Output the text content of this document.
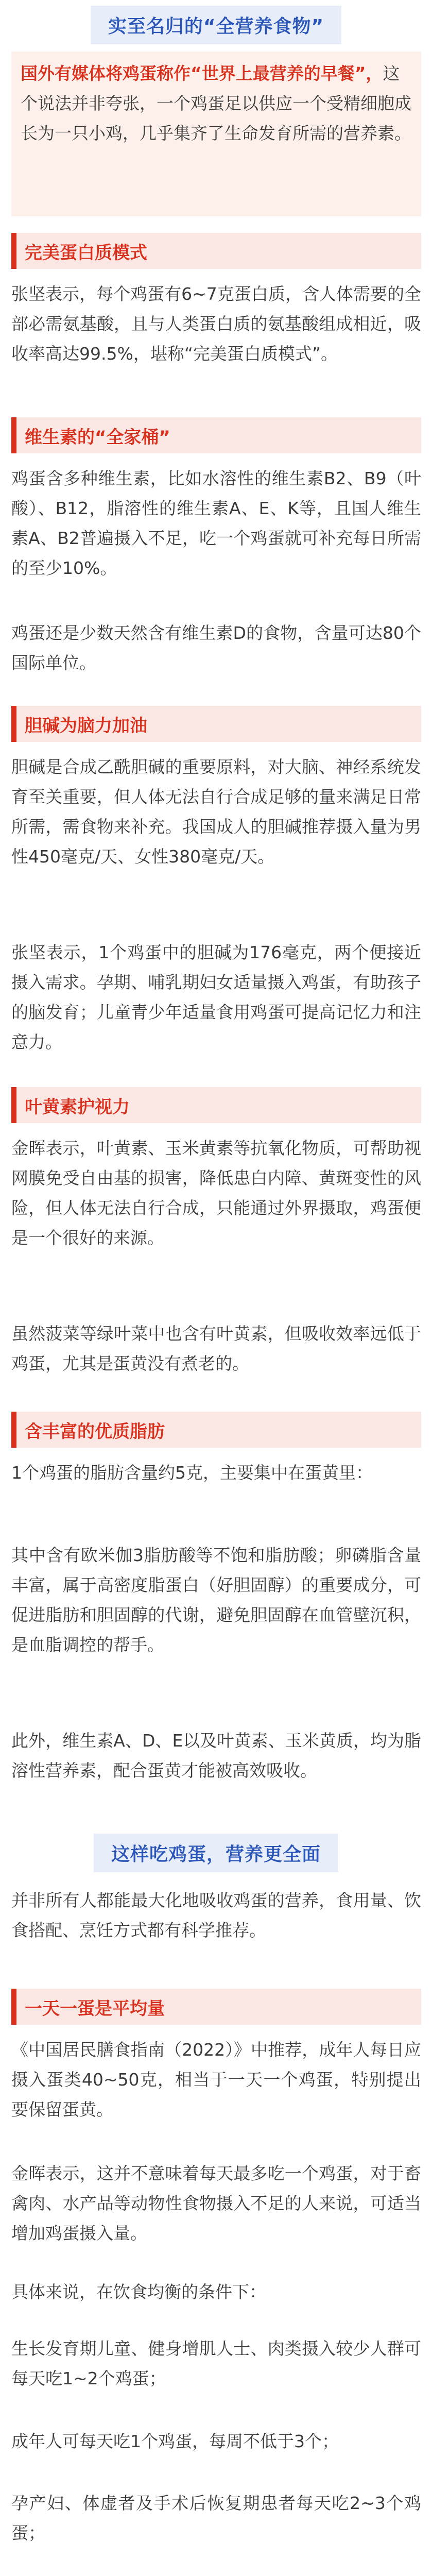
实至名归的“全营养食物”
国外有媒体将鸡蛋称作“世界上最营养的早餐”，这个说法并非夸张，一个鸡蛋足以供应一个受精细胞成长为一只小鸡，几乎集齐了生命发育所需的营养素。
完美蛋白质模式
张坚表示，每个鸡蛋有6~7克蛋白质，含人体需要的全部必需氨基酸，且与人类蛋白质的氨基酸组成相近，吸收率高达99.5%，堪称“完美蛋白质模式”。
维生素的“全家桶”
鸡蛋含多种维生素，比如水溶性的维生素B2、B9（叶酸）、B12，脂溶性的维生素A、E、K等，且国人维生素A、B2普遍摄入不足，吃一个鸡蛋就可补充每日所需的至少10%。
鸡蛋还是少数天然含有维生素D的食物，含量可达80个国际单位。
胆碱为脑力加油
胆碱是合成乙酰胆碱的重要原料，对大脑、神经系统发育至关重要，但人体无法自行合成足够的量来满足日常所需，需食物来补充。我国成人的胆碱推荐摄入量为男性450毫克/天、女性380毫克/天。
张坚表示，1个鸡蛋中的胆碱为176毫克，两个便接近摄入需求。孕期、哺乳期妇女适量摄入鸡蛋，有助孩子的脑发育；儿童青少年适量食用鸡蛋可提高记忆力和注意力。
叶黄素护视力
金晖表示，叶黄素、玉米黄素等抗氧化物质，可帮助视网膜免受自由基的损害，降低患白内障、黄斑变性的风险，但人体无法自行合成，只能通过外界摄取，鸡蛋便是一个很好的来源。
虽然菠菜等绿叶菜中也含有叶黄素，但吸收效率远低于鸡蛋，尤其是蛋黄没有煮老的。
含丰富的优质脂肪
1个鸡蛋的脂肪含量约5克，主要集中在蛋黄里：
其中含有欧米伽3脂肪酸等不饱和脂肪酸；卵磷脂含量丰富，属于高密度脂蛋白（好胆固醇）的重要成分，可促进脂肪和胆固醇的代谢，避免胆固醇在血管壁沉积，是血脂调控的帮手。
此外，维生素A、D、E以及叶黄素、玉米黄质，均为脂溶性营养素，配合蛋黄才能被高效吸收。
这样吃鸡蛋，营养更全面
并非所有人都能最大化地吸收鸡蛋的营养，食用量、饮食搭配、烹饪方式都有科学推荐。
一天一蛋是平均量
《中国居民膳食指南（2022）》中推荐，成年人每日应摄入蛋类40~50克，相当于一天一个鸡蛋，特别提出要保留蛋黄。
金晖表示，这并不意味着每天最多吃一个鸡蛋，对于畜禽肉、水产品等动物性食物摄入不足的人来说，可适当增加鸡蛋摄入量。
具体来说，在饮食均衡的条件下：
生长发育期儿童、健身增肌人士、肉类摄入较少人群可每天吃1~2个鸡蛋；
成年人可每天吃1个鸡蛋，每周不低于3个；
孕产妇、体虚者及手术后恢复期患者每天吃2~3个鸡蛋；
